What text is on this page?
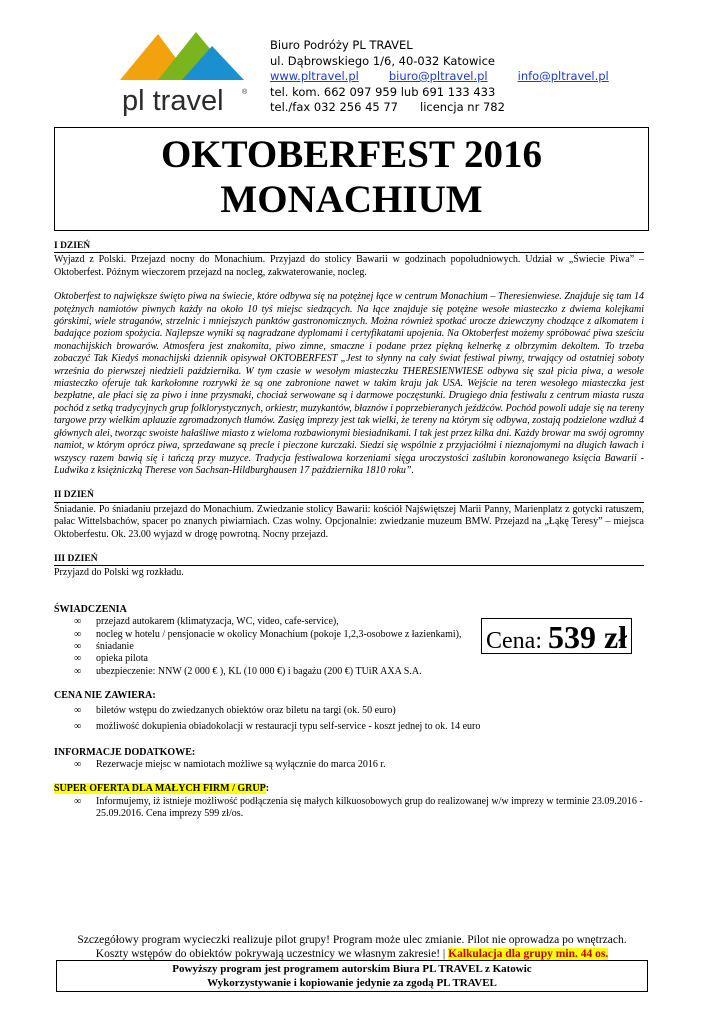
pl travel	®
Biuro Podróży PL TRAVEL
ul. Dąbrowskiego 1/6, 40-032 Katowice
www.pltravel.pl	biuro@pltravel.pl	info@pltravel.pl
tel. kom. 662 097 959 lub 691 133 433
tel./fax 032 256 45 77 licencja nr 782
OKTOBERFEST 2016
MONACHIUM
I DZIEŃ

Wyjazd z Polski. Przejazd nocny do Monachium. Przyjazd do stolicy Bawarii w godzinach popołudniowych. Udział w „Świecie Piwa” – Oktoberfest. Późnym wieczorem przejazd na nocleg, zakwaterowanie, nocleg.

Oktoberfest to największe święto piwa na świecie, które odbywa się na potężnej łące w centrum Monachium – Theresienwiese. Znajduje się tam 14 potężnych namiotów piwnych każdy na około 10 tyś miejsc siedzących. Na łące znajduje się potężne wesołe miasteczko z dwiema kolejkami górskimi, wiele straganów, strzelnic i mniejszych punktów gastronomicznych. Można również spotkać urocze dziewczyny chodzące z alkomatem i badające poziom spożycia. Najlepsze wyniki są nagradzane dyplomami i certyfikatami upojenia. Na Oktoberfest możemy spróbować piwa sześciu monachijskich browarów. Atmosfera jest znakomita, piwo zimne, smaczne i podane przez piękną kelnerkę z olbrzymim dekoltem. To trzeba zobaczyć Tak Kiedyś monachijski dziennik opisywał OKTOBERFEST „Jest to słynny na cały świat festiwal piwny, trwający od ostatniej soboty września do pierwszej niedzieli października. W tym czasie w wesołym miasteczku THERESIENWIESE odbywa się szał picia piwa, a wesołe miasteczko oferuje tak karkołomne rozrywki że są one zabronione nawet w takim kraju jak USA. Wejście na teren wesołego miasteczka jest bezpłatne, ale płaci się za piwo i inne przysmaki, chociaż serwowane są i darmowe poczęstunki. Drugiego dnia festiwalu z centrum miasta rusza pochód z setką tradycyjnych grup folklorystycznych, orkiestr, muzykantów, błaznów i poprzebieranych jeźdźców. Pochód powoli udaje się na tereny targowe przy wielkim aplauzie zgromadzonych tłumów. Zasięg imprezy jest tak wielki, że tereny na którym się odbywa, zostają podzielone wzdłuż 4 głównych alei, tworząc swoiste hałaśliwe miasto z wieloma rozbawionymi biesiadnikami. I tak jest przez kilka dni. Każdy browar ma swój ogromny namiot, w którym oprócz piwa, sprzedawane są precle i pieczone kurczaki. Siedzi się wspólnie z przyjaciółmi i nieznajomymi na długich ławach i wszyscy razem bawią się i tańczą przy muzyce. Tradycja festiwalowa korzeniami sięga uroczystości zaślubin koronowanego księcia Bawarii - Ludwika z księżniczką Therese von Sachsan-Hildburghausen 17 października 1810 roku”.

II DZIEŃ

Śniadanie. Po śniadaniu przejazd do Monachium. Zwiedzanie stolicy Bawarii: kościół Najświętszej Marii Panny, Marienplatz z gotycki ratuszem, pałac Wittelsbachów, spacer po znanych piwiarniach. Czas wolny. Opcjonalnie: zwiedzanie muzeum BMW. Przejazd na „Łąkę Teresy” – miejsca Oktoberfestu. Ok. 23.00 wyjazd w drogę powrotną. Nocny przejazd.

III DZIEŃ

Przyjazd do Polski wg rozkładu.

ŚWIADCZENIA
∞ przejazd autokarem (klimatyzacja, WC, video, cafe-service),
∞ nocleg w hotelu / pensjonacie w okolicy Monachium (pokoje 1,2,3-osobowe z łazienkami),
∞ śniadanie
∞ opieka pilota
∞ ubezpieczenie: NNW (2 000 € ), KL (10 000 €) i bagażu (200 €) TUiR AXA S.A.
CENA NIE ZAWIERA:
∞ biletów wstępu do zwiedzanych obiektów oraz biletu na targi (ok. 50 euro)
∞ możliwość dokupienia obiadokolacji w restauracji typu self-service - koszt jednej to ok. 14 euro
INFORMACJE DODATKOWE:
∞ Rezerwacje miejsc w namiotach możliwe są wyłącznie do marca 2016 r.
SUPER OFERTA DLA MAŁYCH FIRM / GRUP:
∞ Informujemy, iż istnieje możliwość podłączenia się małych kilkuosobowych grup do realizowanej w/w imprezy w terminie 23.09.2016 - 25.09.2016. Cena imprezy 599 zł/os.
Cena: 539 zł
Szczegółowy program wycieczki realizuje pilot grupy! Program może ulec zmianie. Pilot nie oprowadza po wnętrzach.
Koszty wstępów do obiektów pokrywają uczestnicy we własnym zakresie! | Kalkulacja dla grupy min. 44 os.
Powyższy program jest programem autorskim Biura PL TRAVEL z Katowic
Wykorzystywanie i kopiowanie jedynie za zgodą PL TRAVEL
